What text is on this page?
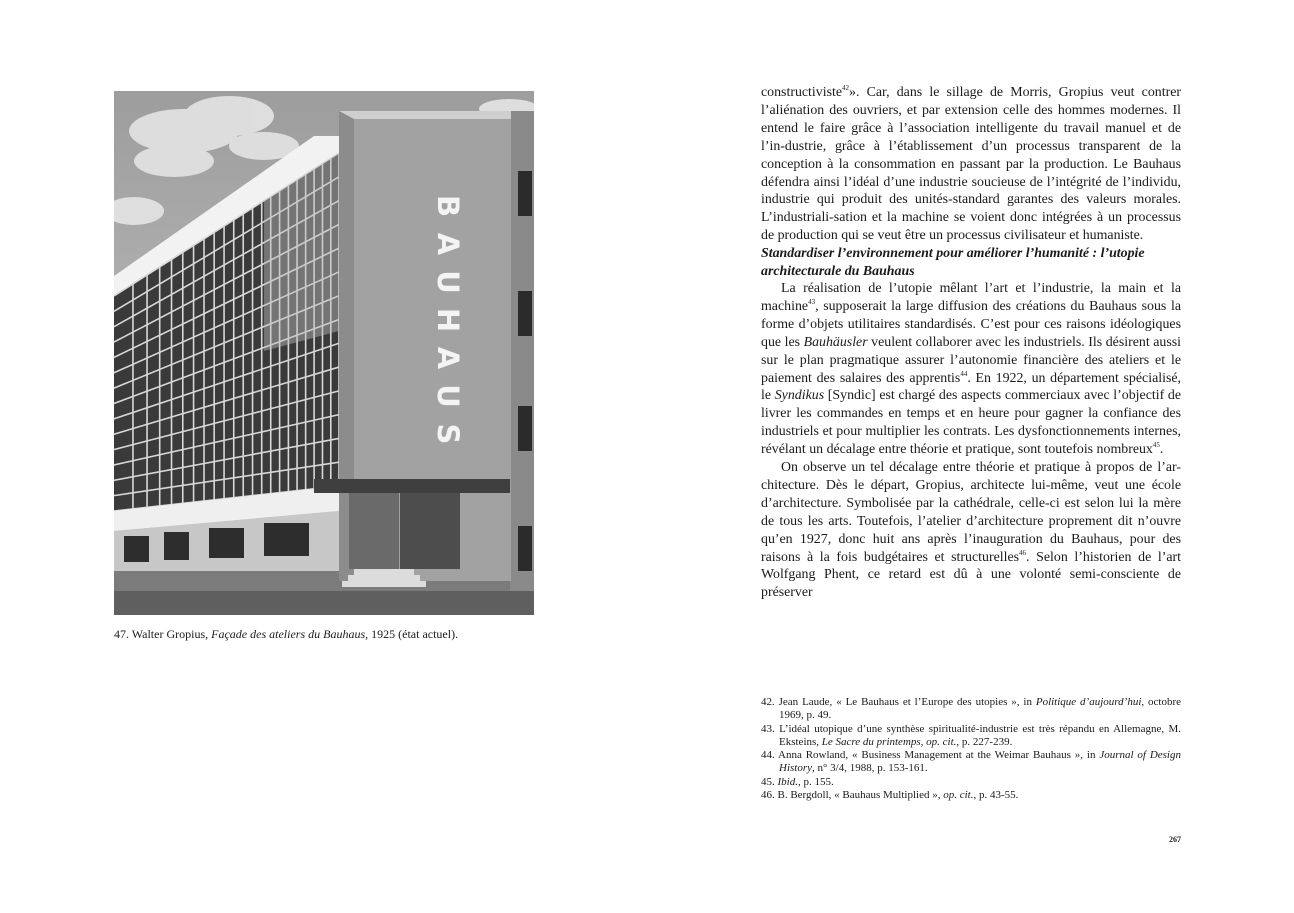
B
A
U
H
A
U
S
47. Walter Gropius, Façade des ateliers du Bauhaus, 1925 (état actuel).

constructiviste$^{42}$». Car, dans le sillage de Morris, Gropius veut contrer l’aliénation des ouvriers, et par extension celle des hommes modernes. Il entend le faire grâce à l’association intelligente du travail manuel et de l’in-dustrie, grâce à l’établissement d’un processus transparent de la conception à la consommation en passant par la production. Le Bauhaus défendra ainsi l’idéal d’une industrie soucieuse de l’intégrité de l’individu, industrie qui produit des unités-standard garantes des valeurs morales. L’industriali-sation et la machine se voient donc intégrées à un processus de production qui se veut être un processus civilisateur et humaniste.

Standardiser l’environnement pour améliorer l’humanité : l’utopie architecturale du Bauhaus

La réalisation de l’utopie mêlant l’art et l’industrie, la main et la machine$^{43}$, supposerait la large diffusion des créations du Bauhaus sous la forme d’objets utilitaires standardisés. C’est pour ces raisons idéologiques que les Bauhäusler veulent collaborer avec les industriels. Ils désirent aussi sur le plan pragmatique assurer l’autonomie financière des ateliers et le paiement des salaires des apprentis$^{44}$. En 1922, un département spécialisé, le Syndikus [Syndic] est chargé des aspects commerciaux avec l’objectif de livrer les commandes en temps et en heure pour gagner la confiance des industriels et pour multiplier les contrats. Les dysfonctionnements internes, révélant un décalage entre théorie et pratique, sont toutefois nombreux$^{45}$.

On observe un tel décalage entre théorie et pratique à propos de l’ar-chitecture. Dès le départ, Gropius, architecte lui-même, veut une école d’architecture. Symbolisée par la cathédrale, celle-ci est selon lui la mère de tous les arts. Toutefois, l’atelier d’architecture proprement dit n’ouvre qu’en 1927, donc huit ans après l’inauguration du Bauhaus, pour des raisons à la fois budgétaires et structurelles$^{46}$. Selon l’historien de l’art Wolfgang Phent, ce retard est dû à une volonté semi-consciente de préserver

42. Jean Laude, « Le Bauhaus et l’Europe des utopies », in Politique d’aujourd’hui, octobre 1969, p. 49.
43. L’idéal utopique d’une synthèse spiritualité-industrie est très répandu en Allemagne, M. Eksteins, Le Sacre du printemps, op. cit., p. 227-239.
44. Anna Rowland, « Business Management at the Weimar Bauhaus », in Journal of Design History, n° 3/4, 1988, p. 153-161.
45. Ibid., p. 155.
46. B. Bergdoll, « Bauhaus Multiplied », op. cit., p. 43-55.
267
